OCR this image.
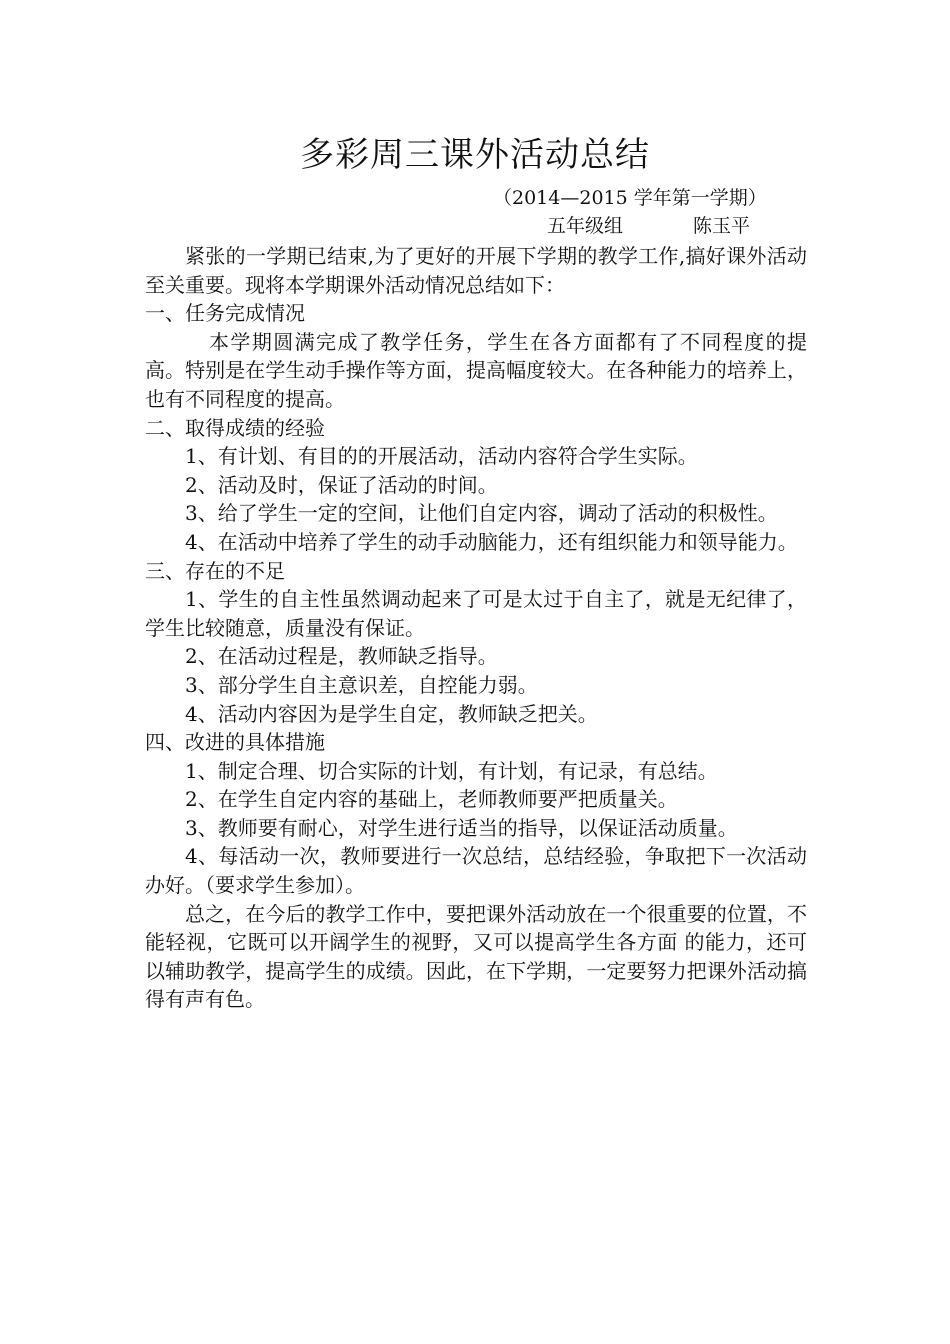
多彩周三课外活动总结
（2014—2015 学年第一学期）
五年级组	陈玉平

紧张的一学期已结束,为了更好的开展下学期的教学工作,搞好课外活动至关重要。现将本学期课外活动情况总结如下：

一、任务完成情况

本学期圆满完成了教学任务，学生在各方面都有了不同程度的提高。特别是在学生动手操作等方面，提高幅度较大。在各种能力的培养上，也有不同程度的提高。

二、取得成绩的经验

1、有计划、有目的的开展活动，活动内容符合学生实际。

2、活动及时，保证了活动的时间。

3、给了学生一定的空间，让他们自定内容，调动了活动的积极性。

4、在活动中培养了学生的动手动脑能力，还有组织能力和领导能力。

三、存在的不足

1、学生的自主性虽然调动起来了可是太过于自主了，就是无纪律了，学生比较随意，质量没有保证。

2、在活动过程是，教师缺乏指导。

3、部分学生自主意识差，自控能力弱。

4、活动内容因为是学生自定，教师缺乏把关。

四、改进的具体措施

1、制定合理、切合实际的计划，有计划，有记录，有总结。

2、在学生自定内容的基础上，老师教师要严把质量关。

3、教师要有耐心，对学生进行适当的指导，以保证活动质量。

4、每活动一次，教师要进行一次总结，总结经验，争取把下一次活动办好。（要求学生参加）。

总之，在今后的教学工作中，要把课外活动放在一个很重要的位置，不能轻视，它既可以开阔学生的视野，又可以提高学生各方面 的能力，还可以辅助教学，提高学生的成绩。因此，在下学期，一定要努力把课外活动搞得有声有色。
